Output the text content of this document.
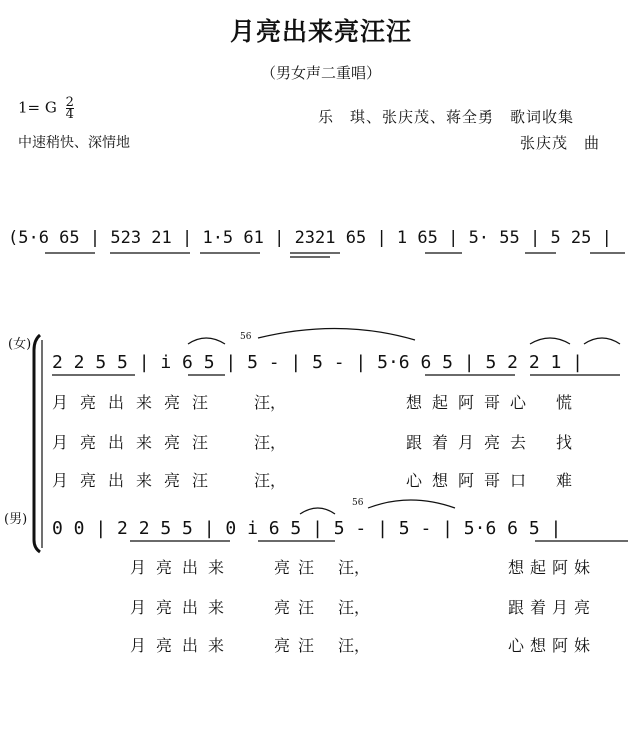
月亮出来亮汪汪
（男女声二重唱）
1= G $\frac{2}{4}$
中速稍快、深情地
乐　琪、张庆茂、蒋全勇　歌词收集
张庆茂　曲
(5·6 65 | 523 21 | 1·5 61 | 2321 65 | 1 65 | 5· 55 | 5 25 |
(女)
(男)
2 2 5 5 | i 6 5 | 5 - | 5 - | 5·6 6 5 | 5 2 2 1 |
56
月亮出来亮汪 汪，	想起阿哥心 慌
月亮出来亮汪 汪，	跟着月亮去 找
月亮出来亮汪 汪，	心想阿哥口 难
0 0 | 2 2 5 5 | 0 i 6 5 | 5 - | 5 - | 5·6 6 5 |
56
月亮出来	亮汪 汪，	想起阿妹
月亮出来	亮汪 汪，	跟着月亮
月亮出来	亮汪 汪，	心想阿妹
